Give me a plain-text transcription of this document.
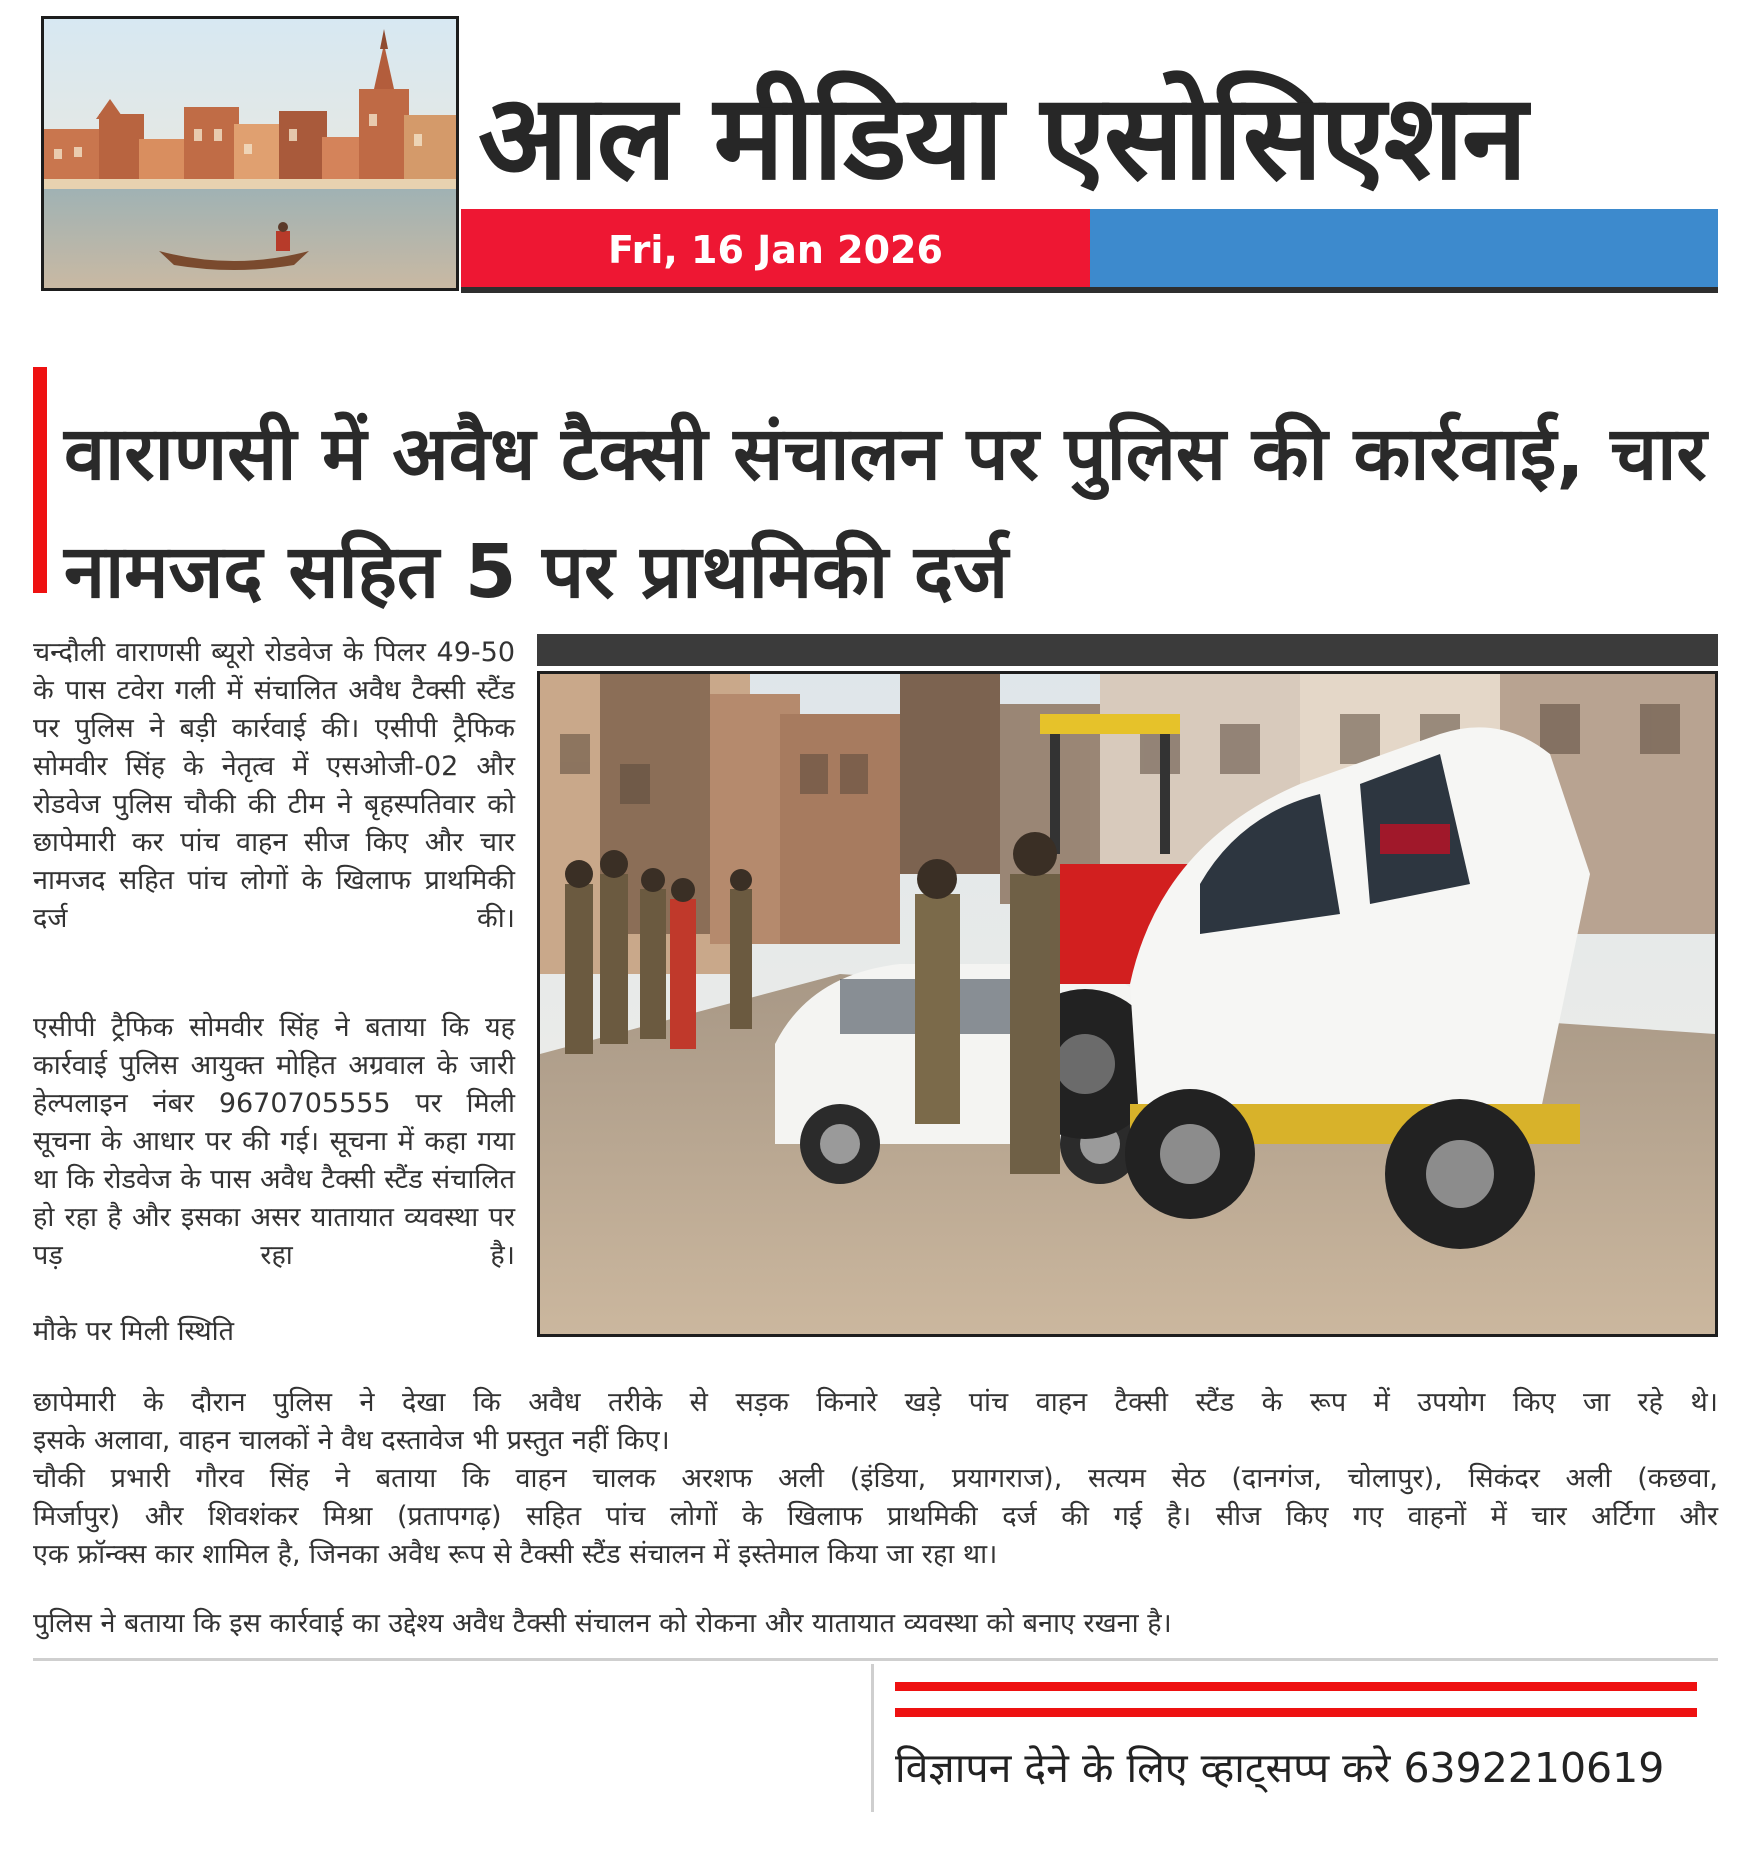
आल मीडिया एसोसिएशन
Fri, 16 Jan 2026
वाराणसी में अवैध टैक्सी संचालन पर पुलिस की कार्रवाई, चार नामजद सहित 5 पर प्राथमिकी दर्ज
चन्दौली वाराणसी ब्यूरो रोडवेज के पिलर 49-50 के पास टवेरा गली में संचालित अवैध टैक्सी स्टैंड पर पुलिस ने बड़ी कार्रवाई की। एसीपी ट्रैफिक सोमवीर सिंह के नेतृत्व में एसओजी-02 और रोडवेज पुलिस चौकी की टीम ने बृहस्पतिवार को छापेमारी कर पांच वाहन सीज किए और चार नामजद सहित पांच लोगों के खिलाफ प्राथमिकी दर्ज की।
एसीपी ट्रैफिक सोमवीर सिंह ने बताया कि यह कार्रवाई पुलिस आयुक्त मोहित अग्रवाल के जारी हेल्पलाइन नंबर 9670705555 पर मिली सूचना के आधार पर की गई। सूचना में कहा गया था कि रोडवेज के पास अवैध टैक्सी स्टैंड संचालित हो रहा है और इसका असर यातायात व्यवस्था पर पड़ रहा है।
मौके पर मिली स्थिति
छापेमारी के दौरान पुलिस ने देखा कि अवैध तरीके से सड़क किनारे खड़े पांच वाहन टैक्सी स्टैंड के रूप में उपयोग किए जा रहे थे।
इसके अलावा, वाहन चालकों ने वैध दस्तावेज भी प्रस्तुत नहीं किए।
चौकी प्रभारी गौरव सिंह ने बताया कि वाहन चालक अरशफ अली (इंडिया, प्रयागराज), सत्यम सेठ (दानगंज, चोलापुर), सिकंदर अली (कछवा,
मिर्जापुर) और शिवशंकर मिश्रा (प्रतापगढ़) सहित पांच लोगों के खिलाफ प्राथमिकी दर्ज की गई है। सीज किए गए वाहनों में चार अर्टिगा और
एक फ्रॉन्क्स कार शामिल है, जिनका अवैध रूप से टैक्सी स्टैंड संचालन में इस्तेमाल किया जा रहा था।
पुलिस ने बताया कि इस कार्रवाई का उद्देश्य अवैध टैक्सी संचालन को रोकना और यातायात व्यवस्था को बनाए रखना है।
विज्ञापन देने के लिए व्हाट्सप्प करे 6392210619
